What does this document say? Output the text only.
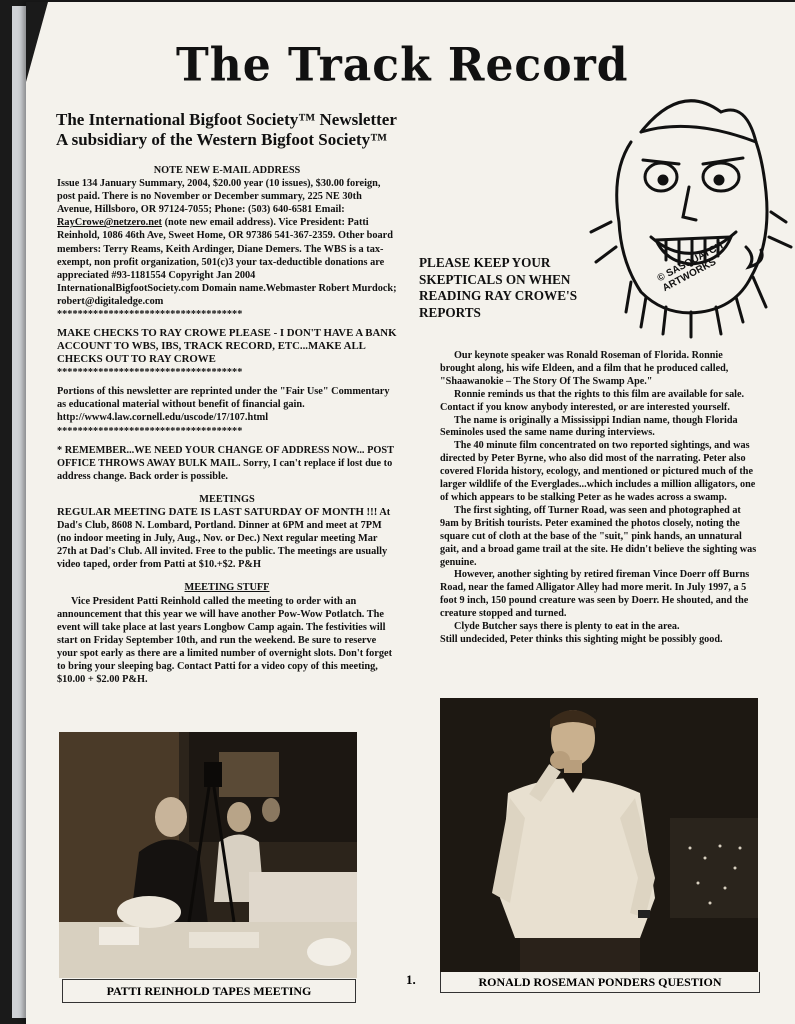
The Track Record
The International Bigfoot Society™ Newsletter
A subsidiary of the Western Bigfoot Society™

NOTE NEW E-MAIL ADDRESS

Issue 134 January Summary, 2004, $20.00 year (10 issues), $30.00 foreign, post paid. There is no November or December summary, 225 NE 30th Avenue, Hillsboro, OR 97124-7055; Phone: (503) 640-6581 Email: RayCrowe@netzero.net (note new email address). Vice President: Patti Reinhold, 1086 46th Ave, Sweet Home, OR 97386 541-367-2359. Other board members: Terry Reams, Keith Ardinger, Diane Demers. The WBS is a tax-exempt, non profit organization, 501(c)3 your tax-deductible donations are appreciated #93-1181554 Copyright Jan 2004 InternationalBigfootSociety.com Domain name.Webmaster Robert Murdock; robert@digitaledge.com

************************************

MAKE CHECKS TO RAY CROWE PLEASE - I DON'T HAVE A BANK ACCOUNT TO WBS, IBS, TRACK RECORD, ETC...MAKE ALL CHECKS OUT TO RAY CROWE

************************************

Portions of this newsletter are reprinted under the "Fair Use" Commentary as educational material without benefit of financial gain. http://www4.law.cornell.edu/uscode/17/107.html

************************************

* REMEMBER...WE NEED YOUR CHANGE OF ADDRESS NOW... POST OFFICE THROWS AWAY BULK MAIL. Sorry, I can't replace if lost due to address change. Back order is possible.

MEETINGS

REGULAR MEETING DATE IS LAST SATURDAY OF MONTH !!! At Dad's Club, 8608 N. Lombard, Portland. Dinner at 6PM and meet at 7PM (no indoor meeting in July, Aug., Nov. or Dec.) Next regular meeting Mar 27th at Dad's Club. All invited. Free to the public. The meetings are usually video taped, order from Patti at $10.+$2. P&H

MEETING STUFF

Vice President Patti Reinhold called the meeting to order with an announcement that this year we will have another Pow-Wow Potlatch. The event will take place at last years Longbow Camp again. The festivities will start on Friday September 10th, and run the weekend. Be sure to reserve your spot early as there are a limited number of overnight slots. Don't forget to bring your sleeping bag. Contact Patti for a video copy of this meeting, $10.00 + $2.00 P&H.

PATTI REINHOLD TAPES MEETING
1.
PLEASE KEEP YOUR SKEPTICALS ON WHEN READING RAY CROWE'S REPORTS
© SASQUATCH ARTWORKS

Our keynote speaker was Ronald Roseman of Florida. Ronnie brought along, his wife Eldeen, and a film that he produced called, "Shaawanokie – The Story Of The Swamp Ape."

Ronnie reminds us that the rights to this film are available for sale. Contact if you know anybody interested, or are interested yourself.

The name is originally a Mississippi Indian name, though Florida Seminoles used the same name during interviews.

The 40 minute film concentrated on two reported sightings, and was directed by Peter Byrne, who also did most of the narrating. Peter also covered Florida history, ecology, and mentioned or pictured much of the larger wildlife of the Everglades...which includes a million alligators, one of which appears to be stalking Peter as he wades across a swamp.

The first sighting, off Turner Road, was seen and photographed at 9am by British tourists. Peter examined the photos closely, noting the square cut of cloth at the base of the "suit," pink hands, an unnatural gait, and a broad game trail at the site. He didn't believe the sighting was genuine.

However, another sighting by retired fireman Vince Doerr off Burns Road, near the famed Alligator Alley had more merit. In July 1997, a 5 foot 9 inch, 150 pound creature was seen by Doerr. He shouted, and the creature stopped and turned.

Clyde Butcher says there is plenty to eat in the area.

Still undecided, Peter thinks this sighting might be possibly good.

RONALD ROSEMAN PONDERS QUESTION
